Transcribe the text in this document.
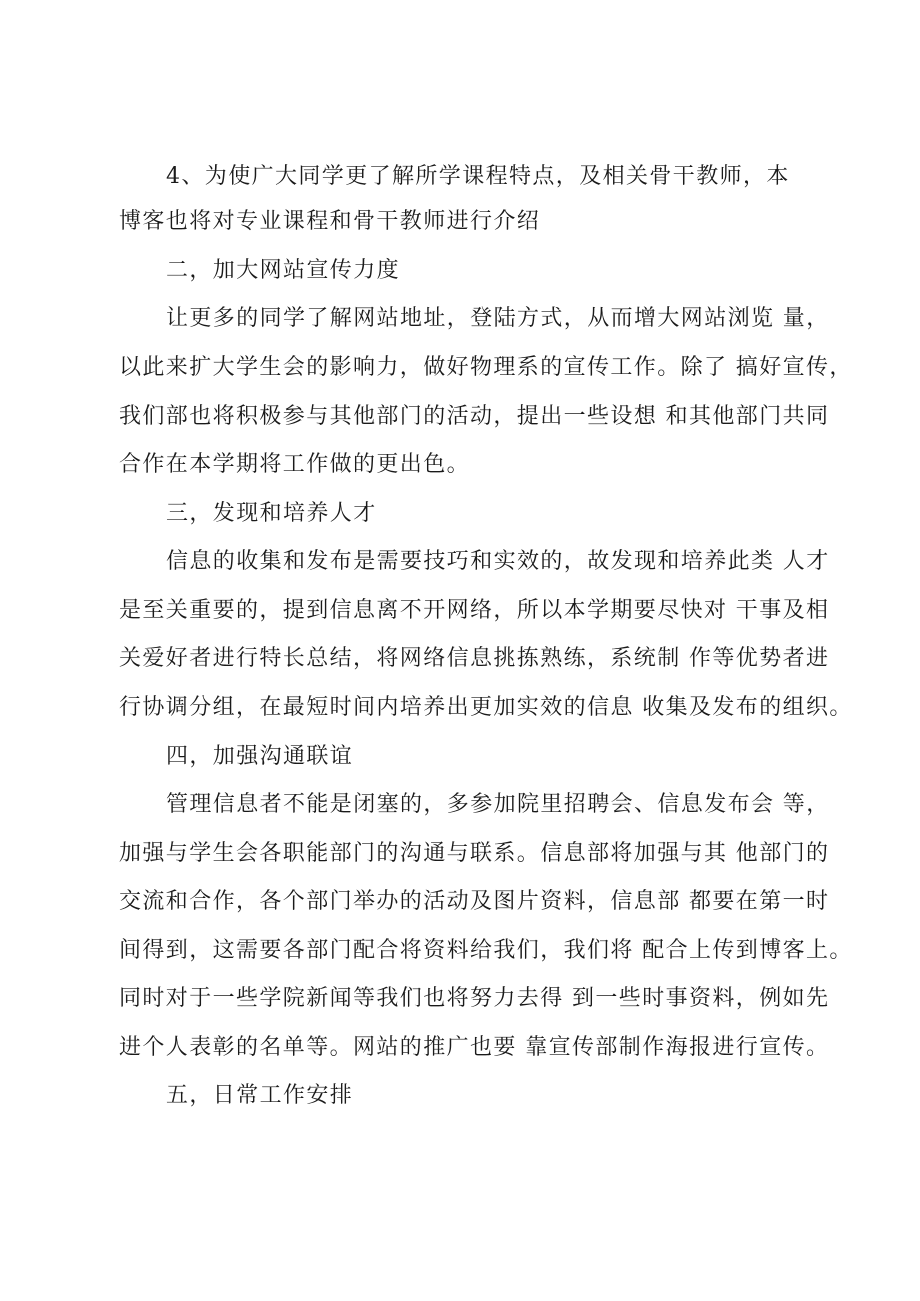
4、为使广大同学更了解所学课程特点，及相关骨干教师，本
博客也将对专业课程和骨干教师进行介绍
二，加大网站宣传力度
让更多的同学了解网站地址，登陆方式，从而增大网站浏览 量，
以此来扩大学生会的影响力，做好物理系的宣传工作。除了 搞好宣传，
我们部也将积极参与其他部门的活动，提出一些设想 和其他部门共同
合作在本学期将工作做的更出色。
三，发现和培养人才
信息的收集和发布是需要技巧和实效的，故发现和培养此类 人才
是至关重要的，提到信息离不开网络，所以本学期要尽快对 干事及相
关爱好者进行特长总结，将网络信息挑拣熟练，系统制 作等优势者进
行协调分组，在最短时间内培养出更加实效的信息 收集及发布的组织。
四，加强沟通联谊
管理信息者不能是闭塞的，多参加院里招聘会、信息发布会 等，
加强与学生会各职能部门的沟通与联系。信息部将加强与其 他部门的
交流和合作，各个部门举办的活动及图片资料，信息部 都要在第一时
间得到，这需要各部门配合将资料给我们，我们将 配合上传到博客上。
同时对于一些学院新闻等我们也将努力去得 到一些时事资料，例如先
进个人表彰的名单等。网站的推广也要 靠宣传部制作海报进行宣传。
五，日常工作安排
